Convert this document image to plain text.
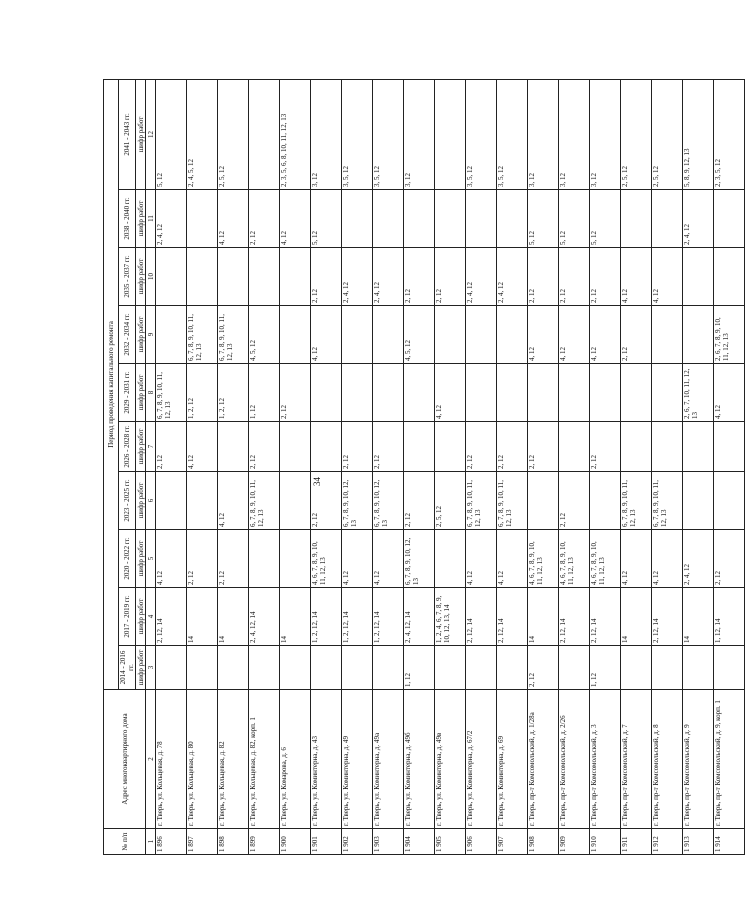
34
№ п/п	Адрес многоквартирного дома	Период проведения капитального ремонта									
		2014 - 2016 гг.	2017 - 2019 гг.	2020 - 2022 гг.	2023 - 2025 гг.	2026 - 2028 гг.	2029 - 2031 гг.	2032 - 2034 гг.	2035 - 2037 гг.	2038 - 2040 гг.	2041 - 2043 гг.
		шифр работ	шифр работ	шифр работ	шифр работ	шифр работ	шифр работ	шифр работ	шифр работ	шифр работ	шифр работ
1	2	3	4	5	6	7	8	9	10	11	12
1 896	г. Тверь, ул. Кольцевая, д. 78		2, 12, 14	4, 12		2, 12	6, 7, 8, 9, 10, 11, 12, 13			2, 4, 12	5, 12
1 897	г. Тверь, ул. Кольцевая, д. 80		14	2, 12		4, 12	1, 2, 12	6, 7, 8, 9, 10, 11, 12, 13			2, 4, 5, 12
1 898	г. Тверь, ул. Кольцевая, д. 82		14	2, 12	4, 12		1, 2, 12	6, 7, 8, 9, 10, 11, 12, 13		4, 12	2, 5, 12
1 899	г. Тверь, ул. Кольцевая, д. 82, корп. 1		2, 4, 12, 14		6, 7, 8, 9, 10, 11, 12, 13	2, 12	1, 12	4, 5, 12		2, 12	
1 900	г. Тверь, ул. Комарова, д. 6		14				2, 12			4, 12	2, 3, 5, 6, 8, 10, 11, 12, 13
1 901	г. Тверь, ул. Коминтерна, д. 43		1, 2, 12, 14	4, 6, 7, 8, 9, 10, 11, 12, 13	2, 12			4, 12	2, 12	5, 12	3, 12
1 902	г. Тверь, ул. Коминтерна, д. 49		1, 2, 12, 14	4, 12	6, 7, 8, 9, 10, 12, 13	2, 12			2, 4, 12		3, 5, 12
1 903	г. Тверь, ул. Коминтерна, д. 49а		1, 2, 12, 14	4, 12	6, 7, 8, 9, 10, 12, 13	2, 12			2, 4, 12		3, 5, 12
1 904	г. Тверь, ул. Коминтерна, д. 49б	1, 12	2, 4, 12, 14	6, 7, 8, 9, 10, 12, 13	2, 12			4, 5, 12	2, 12		3, 12
1 905	г. Тверь, ул. Коминтерна, д. 49в		1, 2, 4, 6, 7, 8, 9, 10, 12, 13, 14		2, 5, 12		4, 12		2, 12		
1 906	г. Тверь, ул. Коминтерна, д. 67/2		2, 12, 14	4, 12	6, 7, 8, 9, 10, 11, 12, 13	2, 12			2, 4, 12		3, 5, 12
1 907	г. Тверь, ул. Коминтерна, д. 69		2, 12, 14	4, 12	6, 7, 8, 9, 10, 11, 12, 13	2, 12			2, 4, 12		3, 5, 12
1 908	г. Тверь, пр-т Комсомольский, д. 1/28а	2, 12	14	4, 6, 7, 8, 9, 10, 11, 12, 13		2, 12		4, 12	2, 12	5, 12	3, 12
1 909	г. Тверь, пр-т Комсомольский, д. 2/26		2, 12, 14	4, 6, 7, 8, 9, 10, 11, 12, 13	2, 12			4, 12	2, 12	5, 12	3, 12
1 910	г. Тверь, пр-т Комсомольский, д. 3	1, 12	2, 12, 14	4, 6, 7, 8, 9, 10, 11, 12, 13		2, 12		4, 12	2, 12	5, 12	3, 12
1 911	г. Тверь, пр-т Комсомольский, д. 7		14	4, 12	6, 7, 8, 9, 10, 11, 12, 13			2, 12	4, 12		2, 5, 12
1 912	г. Тверь, пр-т Комсомольский, д. 8		2, 12, 14	4, 12	6, 7, 8, 9, 10, 11, 12, 13				4, 12		2, 5, 12
1 913	г. Тверь, пр-т Комсомольский, д. 9		14	2, 4, 12			2, 6, 7, 10, 11, 12, 13			2, 4, 12	5, 8, 9, 12, 13
1 914	г. Тверь, пр-т Комсомольский, д. 9, корп. 1		1, 12, 14	2, 12			4, 12	2, 6, 7, 8, 9, 10, 11, 12, 13			2, 3, 5, 12
